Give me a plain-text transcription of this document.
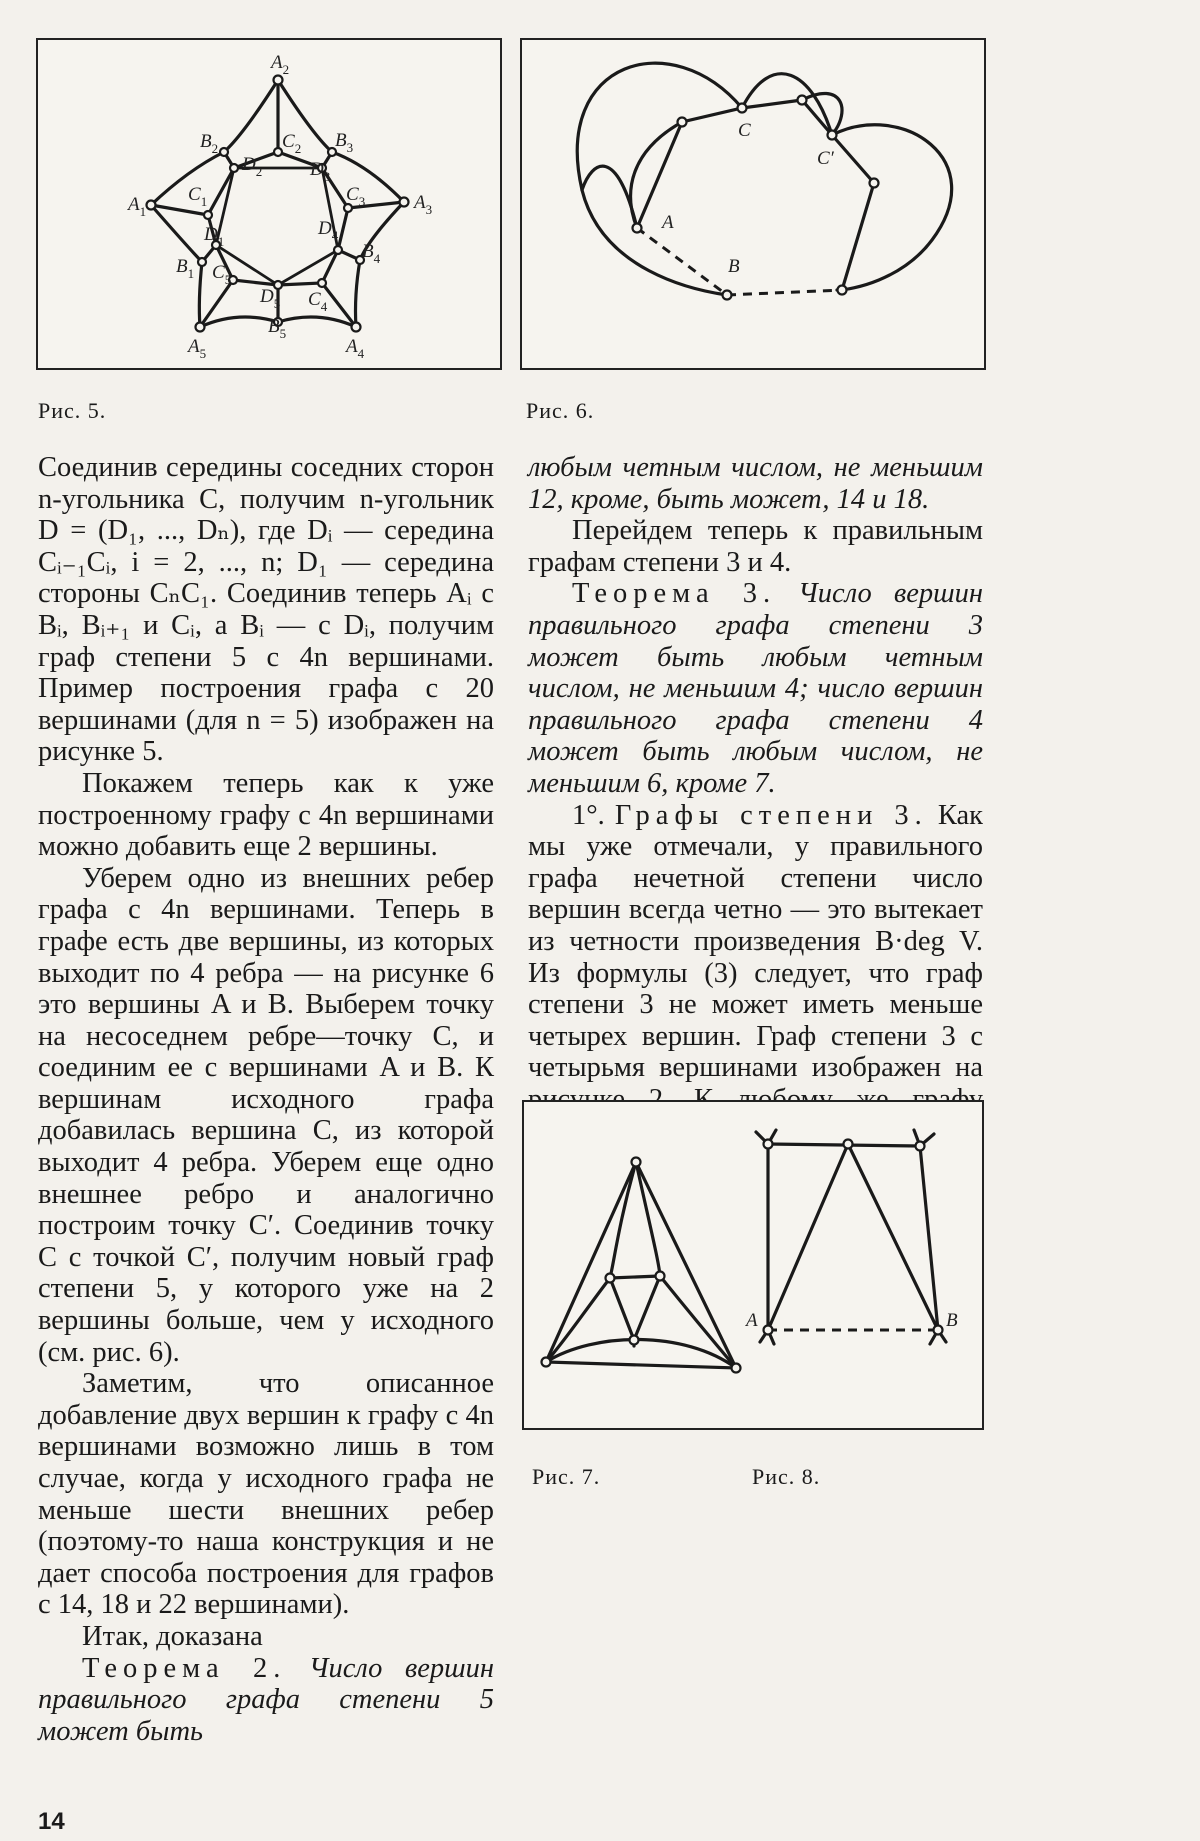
$A_2$
$A_1$	$A_3$
$A_5$	$A_4$
$B_2$	$B_3$
$B_1$
$B_4$
$B_5$
$C_2$
$C_1$	$C_3$
$C_5$
$C_4$
$D_2$	$D_3$
$D_1$
$D_4$
$D_5$
Рис. 5.
A
B
C
C′
Рис. 6.

Соединив середины соседних сторон n-угольника C, получим n-угольник D = (D₁, ..., Dₙ), где Dᵢ — середина Cᵢ₋₁Cᵢ, i = 2, ..., n; D₁ — середина стороны CₙC₁. Соединив теперь Aᵢ с Bᵢ, Bᵢ₊₁ и Cᵢ, а Bᵢ — с Dᵢ, получим граф степени 5 с 4n вершинами. Пример построения графа с 20 вершинами (для n = 5) изображен на рисунке 5.

Покажем теперь как к уже построенному графу с 4n вершинами можно добавить еще 2 вершины.

Уберем одно из внешних ребер графа с 4n вершинами. Теперь в графе есть две вершины, из которых выходит по 4 ребра — на рисунке 6 это вершины A и B. Выберем точку на несоседнем ребре—точку C, и соединим ее с вершинами A и B. К вершинам исходного графа добавилась вершина C, из которой выходит 4 ребра. Уберем еще одно внешнее ребро и аналогично построим точку C′. Соединив точку C с точкой C′, получим новый граф степени 5, у которого уже на 2 вершины больше, чем у исходного (см. рис. 6).

Заметим, что описанное добавление двух вершин к графу с 4n вершинами возможно лишь в том случае, когда у исходного графа не меньше шести внешних ребер (поэтому-то наша конструкция и не дает способа построения для графов с 14, 18 и 22 вершинами).

Итак, доказана

Теорема 2. Число вершин правильного графа степени 5 может быть

любым четным числом, не меньшим 12, кроме, быть может, 14 и 18.

Перейдем теперь к правильным графам степени 3 и 4.

Теорема 3. Число вершин правильного графа степени 3 может быть любым четным числом, не меньшим 4; число вершин правильного графа степени 4 может быть любым числом, не меньшим 6, кроме 7.

1°. Графы степени 3. Как мы уже отмечали, у правильного графа нечетной степени число вершин всегда четно — это вытекает из четности произведения B·deg V. Из формулы (3) следует, что граф степени 3 не может иметь меньше четырех вершин. Граф степени 3 с четырьмя вершинами изображен на

A	B
Рис. 7.	Рис. 8.
14
